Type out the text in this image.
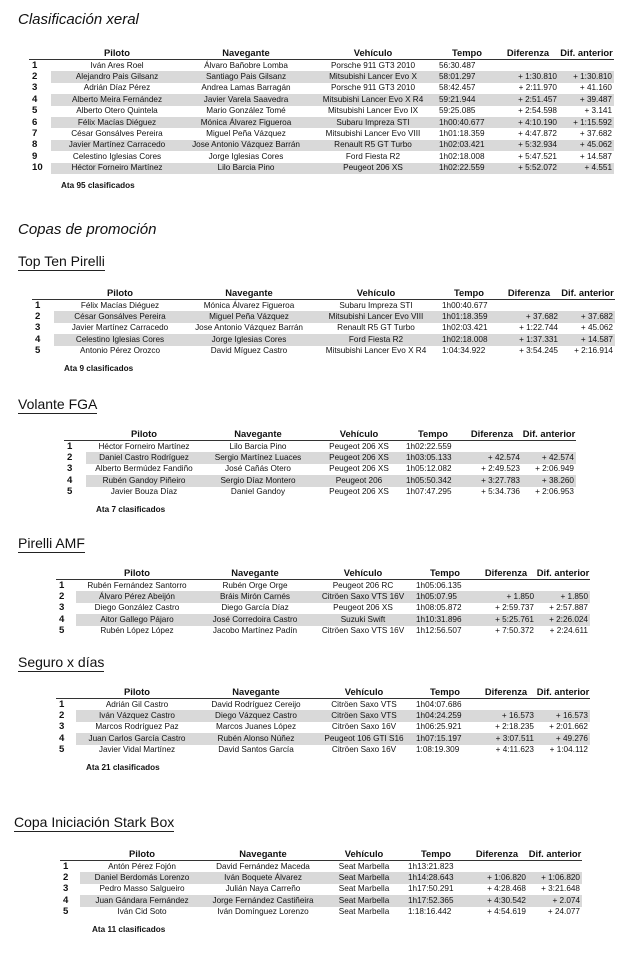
Clasificación xeral
	Piloto	Navegante	Vehículo	Tempo	Diferenza	Dif. anterior
1	Iván Ares Roel	Álvaro Bañobre Lomba	Porsche 911 GT3 2010	56:30.487		
2	Alejandro Pais Gilsanz	Santiago Pais Gilsanz	Mitsubishi Lancer Evo X	58:01.297	+ 1:30.810	+ 1:30.810
3	Adrián Díaz Pérez	Andrea Lamas Barragán	Porsche 911 GT3 2010	58:42.457	+ 2:11.970	+ 41.160
4	Alberto Meira Fernández	Javier Varela Saavedra	Mitsubishi Lancer Evo X R4	59:21.944	+ 2:51.457	+ 39.487
5	Alberto Otero Quintela	Mario González Tomé	Mitsubishi Lancer Evo IX	59:25.085	+ 2:54.598	+ 3.141
6	Félix Macías Diéguez	Mónica Álvarez Figueroa	Subaru Impreza STI	1h00:40.677	+ 4:10.190	+ 1:15.592
7	César Gonsálves Pereira	Miguel Peña Vázquez	Mitsubishi Lancer Evo VIII	1h01:18.359	+ 4:47.872	+ 37.682
8	Javier Martínez Carracedo	Jose Antonio Vázquez Barrán	Renault R5 GT Turbo	1h02:03.421	+ 5:32.934	+ 45.062
9	Celestino Iglesias Cores	Jorge Iglesias Cores	Ford Fiesta R2	1h02:18.008	+ 5:47.521	+ 14.587
10	Héctor Forneiro Martínez	Lilo Barcia Pino	Peugeot 206 XS	1h02:22.559	+ 5:52.072	+ 4.551
Ata 95 clasificados
Copas de promoción
Top Ten Pirelli
	Piloto	Navegante	Vehículo	Tempo	Diferenza	Dif. anterior
1	Félix Macías Diéguez	Mónica Álvarez Figueroa	Subaru Impreza STI	1h00:40.677		
2	César Gonsálves Pereira	Miguel Peña Vázquez	Mitsubishi Lancer Evo VIII	1h01:18.359	+ 37.682	+ 37.682
3	Javier Martínez Carracedo	Jose Antonio Vázquez Barrán	Renault R5 GT Turbo	1h02:03.421	+ 1:22.744	+ 45.062
4	Celestino Iglesias Cores	Jorge Iglesias Cores	Ford Fiesta R2	1h02:18.008	+ 1:37.331	+ 14.587
5	Antonio Pérez Orozco	David Míguez Castro	Mitsubishi Lancer Evo X R4	1:04:34.922	+ 3:54.245	+ 2:16.914
Ata 9 clasificados
Volante FGA
	Piloto	Navegante	Vehículo	Tempo	Diferenza	Dif. anterior
1	Héctor Forneiro Martínez	Lilo Barcia Pino	Peugeot 206 XS	1h02:22.559		
2	Daniel Castro Rodríguez	Sergio Martínez Luaces	Peugeot 206 XS	1h03:05.133	+ 42.574	+ 42.574
3	Alberto Bermúdez Fandiño	José Cañás Otero	Peugeot 206 XS	1h05:12.082	+ 2:49.523	+ 2:06.949
4	Rubén Gandoy Piñeiro	Sergio Díaz Montero	Peugeot 206	1h05:50.342	+ 3:27.783	+ 38.260
5	Javier Bouza Díaz	Daniel Gandoy	Peugeot 206 XS	1h07:47.295	+ 5:34.736	+ 2:06.953
Ata 7 clasificados
Pirelli AMF
	Piloto	Navegante	Vehículo	Tempo	Diferenza	Dif. anterior
1	Rubén Fernández Santorro	Rubén Orge Orge	Peugeot 206 RC	1h05:06.135		
2	Álvaro Pérez Abeijón	Bráis Mirón Carnés	Citröen Saxo VTS 16V	1h05:07.95	+ 1.850	+ 1.850
3	Diego González Castro	Diego García Díaz	Peugeot 206 XS	1h08:05.872	+ 2:59.737	+ 2:57.887
4	Aitor Gallego Pájaro	José Corredoira Castro	Suzuki Swift	1h10:31.896	+ 5:25.761	+ 2:26.024
5	Rubén López López	Jacobo Martínez Padín	Citröen Saxo VTS 16V	1h12:56.507	+ 7:50.372	+ 2:24.611
Seguro x días
	Piloto	Navegante	Vehículo	Tempo	Diferenza	Dif. anterior
1	Adrián Gil Castro	David Rodríguez Cereijo	Citröen Saxo VTS	1h04:07.686		
2	Iván Vázquez Castro	Diego Vázquez Castro	Citröen Saxo VTS	1h04:24.259	+ 16.573	+ 16.573
3	Marcos Rodríguez Paz	Marcos Juanes López	Citröen Saxo 16V	1h06:25.921	+ 2:18.235	+ 2:01.662
4	Juan Carlos García Castro	Rubén Alonso Núñez	Peugeot 106 GTI S16	1h07:15.197	+ 3:07.511	+ 49.276
5	Javier Vidal Martínez	David Santos García	Citröen Saxo 16V	1:08:19.309	+ 4:11.623	+ 1:04.112
Ata 21 clasificados
Copa Iniciación Stark Box
	Piloto	Navegante	Vehículo	Tempo	Diferenza	Dif. anterior
1	Antón Pérez Fojón	David Fernández Maceda	Seat Marbella	1h13:21.823		
2	Daniel Berdomás Lorenzo	Iván Boquete Álvarez	Seat Marbella	1h14:28.643	+ 1:06.820	+ 1:06.820
3	Pedro Masso Salgueiro	Julián Naya Carreño	Seat Marbella	1h17:50.291	+ 4:28.468	+ 3:21.648
4	Juan Gándara Fernández	Jorge Fernández Castiñeira	Seat Marbella	1h17:52.365	+ 4:30.542	+ 2.074
5	Iván Cid Soto	Iván Domínguez Lorenzo	Seat Marbella	1:18:16.442	+ 4:54.619	+ 24.077
Ata 11 clasificados
